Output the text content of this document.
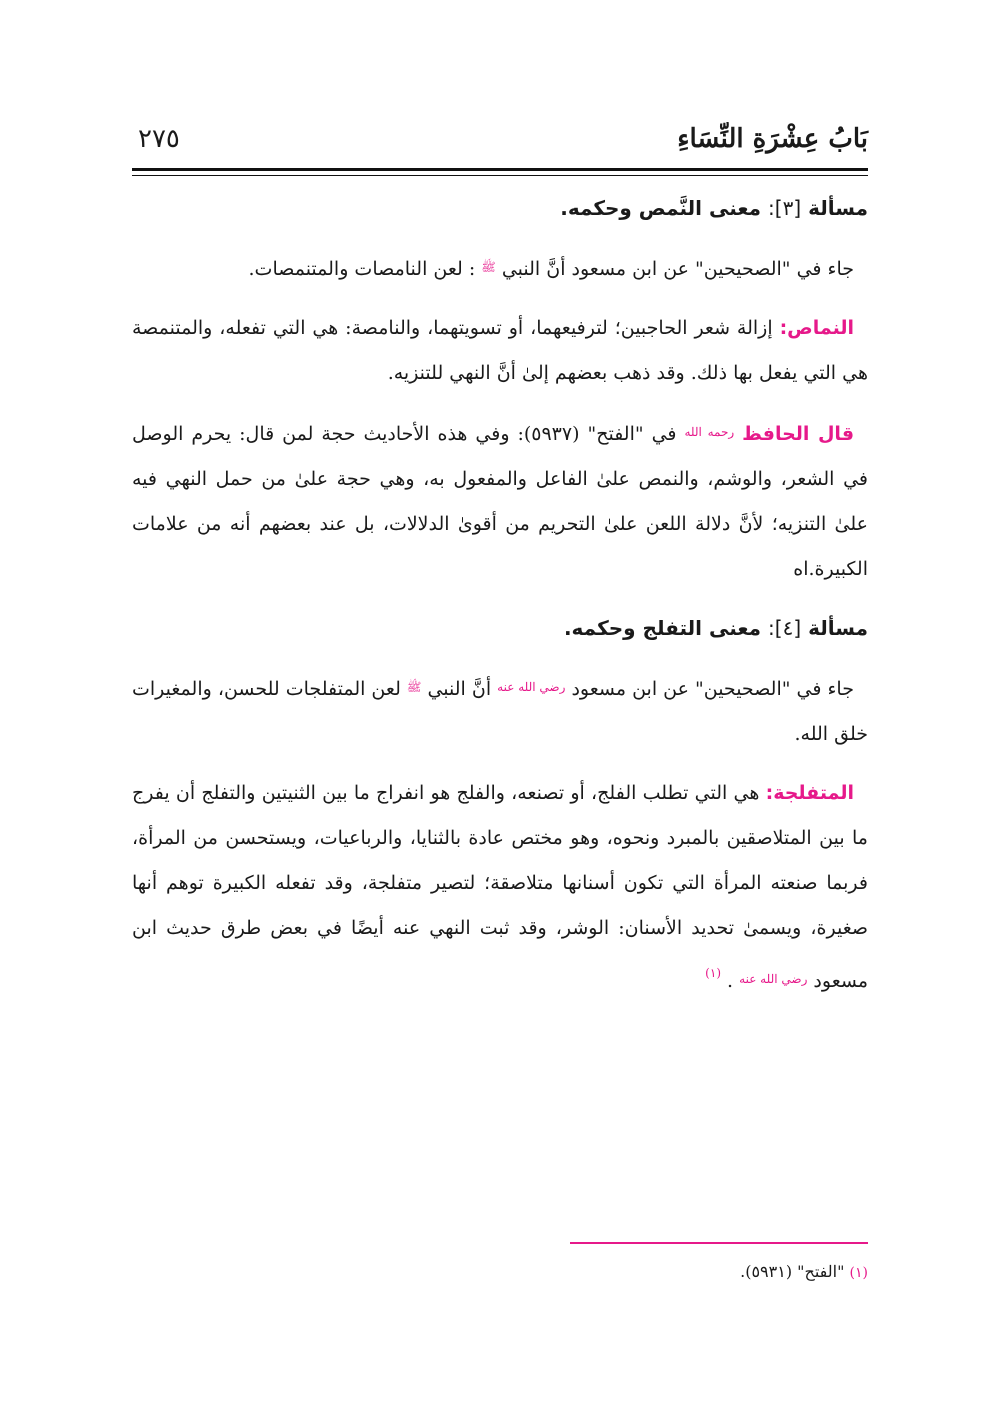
بَابُ عِشْرَةِ النِّسَاءِ
٢٧٥
مسألة [٣]: معنى النَّمص وحكمه.

جاء في "الصحيحين" عن ابن مسعود أنَّ النبي $^ﷺ$ : لعن النامصات والمتنمصات.

النماص: إزالة شعر الحاجبين؛ لترفيعهما، أو تسويتهما، والنامصة: هي التي تفعله، والمتنمصة هي التي يفعل بها ذلك. وقد ذهب بعضهم إلىٰ أنَّ النهي للتنزيه.

قال الحافظ $^{رحمه الله}$ في "الفتح" (٥٩٣٧): وفي هذه الأحاديث حجة لمن قال: يحرم الوصل في الشعر، والوشم، والنمص علىٰ الفاعل والمفعول به، وهي حجة علىٰ من حمل النهي فيه علىٰ التنزيه؛ لأنَّ دلالة اللعن علىٰ التحريم من أقوىٰ الدلالات، بل عند بعضهم أنه من علامات الكبيرة.اه

مسألة [٤]: معنى التفلج وحكمه.

جاء في "الصحيحين" عن ابن مسعود $^{رضي الله عنه}$ أنَّ النبي $^ﷺ$ لعن المتفلجات للحسن، والمغيرات خلق الله.

المتفلجة: هي التي تطلب الفلج، أو تصنعه، والفلج هو انفراج ما بين الثنيتين والتفلج أن يفرج ما بين المتلاصقين بالمبرد ونحوه، وهو مختص عادة بالثنايا، والرباعيات، ويستحسن من المرأة، فربما صنعته المرأة التي تكون أسنانها متلاصقة؛ لتصير متفلجة، وقد تفعله الكبيرة توهم أنها صغيرة، ويسمىٰ تحديد الأسنان: الوشر، وقد ثبت النهي عنه أيضًا في بعض طرق حديث ابن مسعود $^{رضي الله عنه}$ . $^{(١)}$

(١) "الفتح" (٥٩٣١).
